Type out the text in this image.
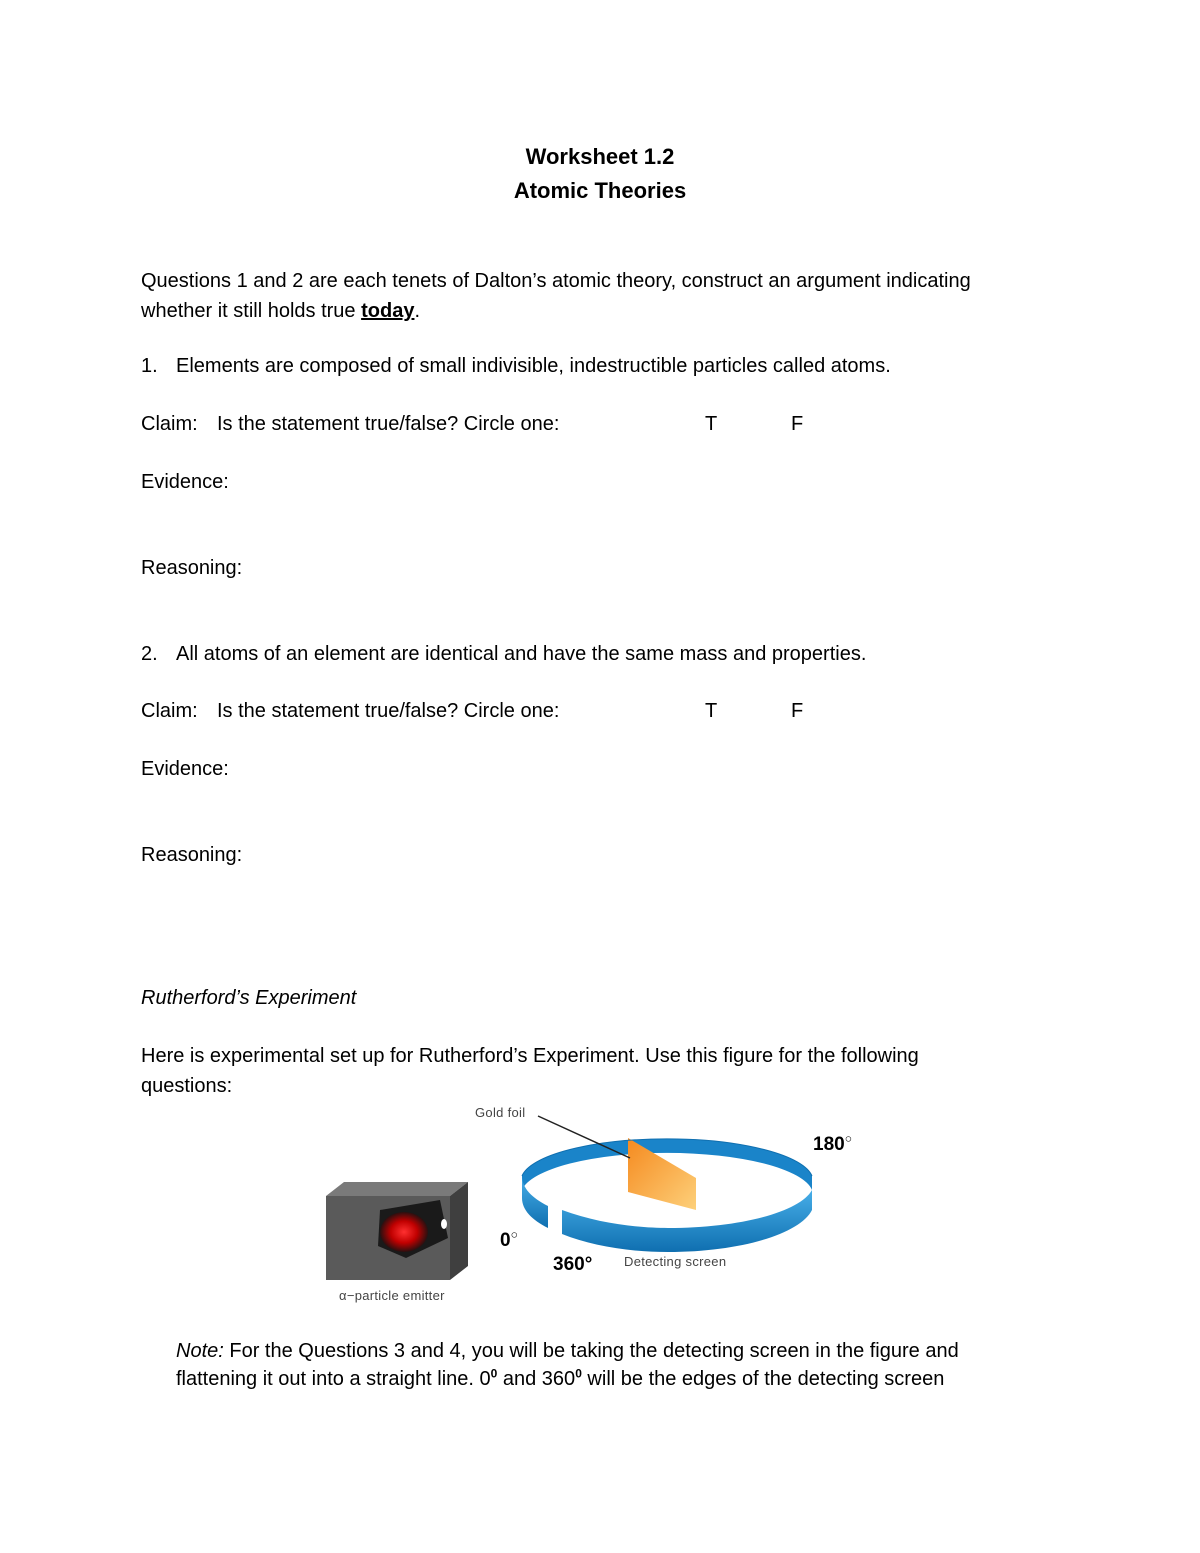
Worksheet 1.2
Atomic Theories
Questions 1 and 2 are each tenets of Dalton’s atomic theory, construct an argument indicating
whether it still holds true today.
1. Elements are composed of small indivisible, indestructible particles called atoms.
Claim: Is the statement true/false? Circle one:	T	F
Evidence:
Reasoning:
2. All atoms of an element are identical and have the same mass and properties.
Claim: Is the statement true/false? Circle one:	T	F
Evidence:
Reasoning:
Rutherford’s Experiment
Here is experimental set up for Rutherford’s Experiment. Use this figure for the following
questions:
Gold foil
180○
0○
360° Detecting screen
α−particle emitter
Note: For the Questions 3 and 4, you will be taking the detecting screen in the figure and
flattening it out into a straight line. $0^0$ and $360^0$ will be the edges of the detecting screen
